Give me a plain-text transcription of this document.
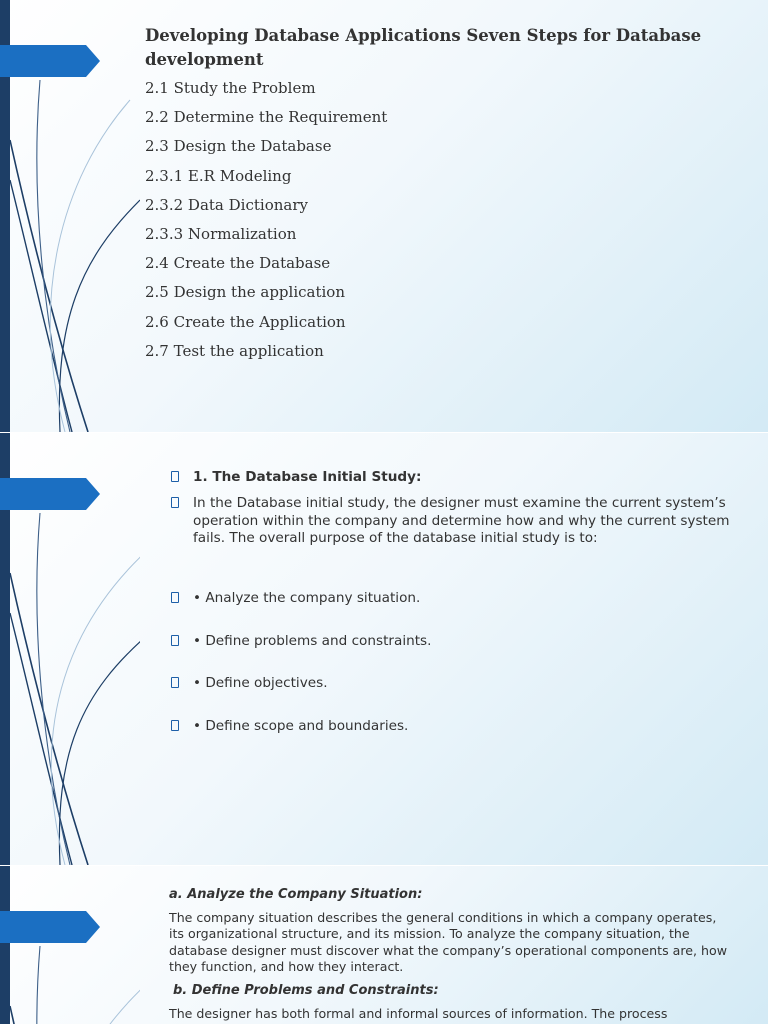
Developing Database Applications Seven Steps for Database development
2.1 Study the Problem
2.2 Determine the Requirement
2.3 Design the Database
2.3.1 E.R Modeling
2.3.2 Data Dictionary
2.3.3 Normalization
2.4 Create the Database
2.5 Design the application
2.6 Create the Application
2.7 Test the application
1. The Database Initial Study:
In the Database initial study, the designer must examine the current system’s operation within the company and determine how and why the current system fails. The overall purpose of the database initial study is to:
• Analyze the company situation.
• Define problems and constraints.
• Define objectives.
• Define scope and boundaries.
a. Analyze the Company Situation:
The company situation describes the general conditions in which a company operates, its organizational structure, and its mission. To analyze the company situation, the database designer must discover what the company’s operational components are, how they function, and how they interact.
b. Define Problems and Constraints:
The designer has both formal and informal sources of information. The process
